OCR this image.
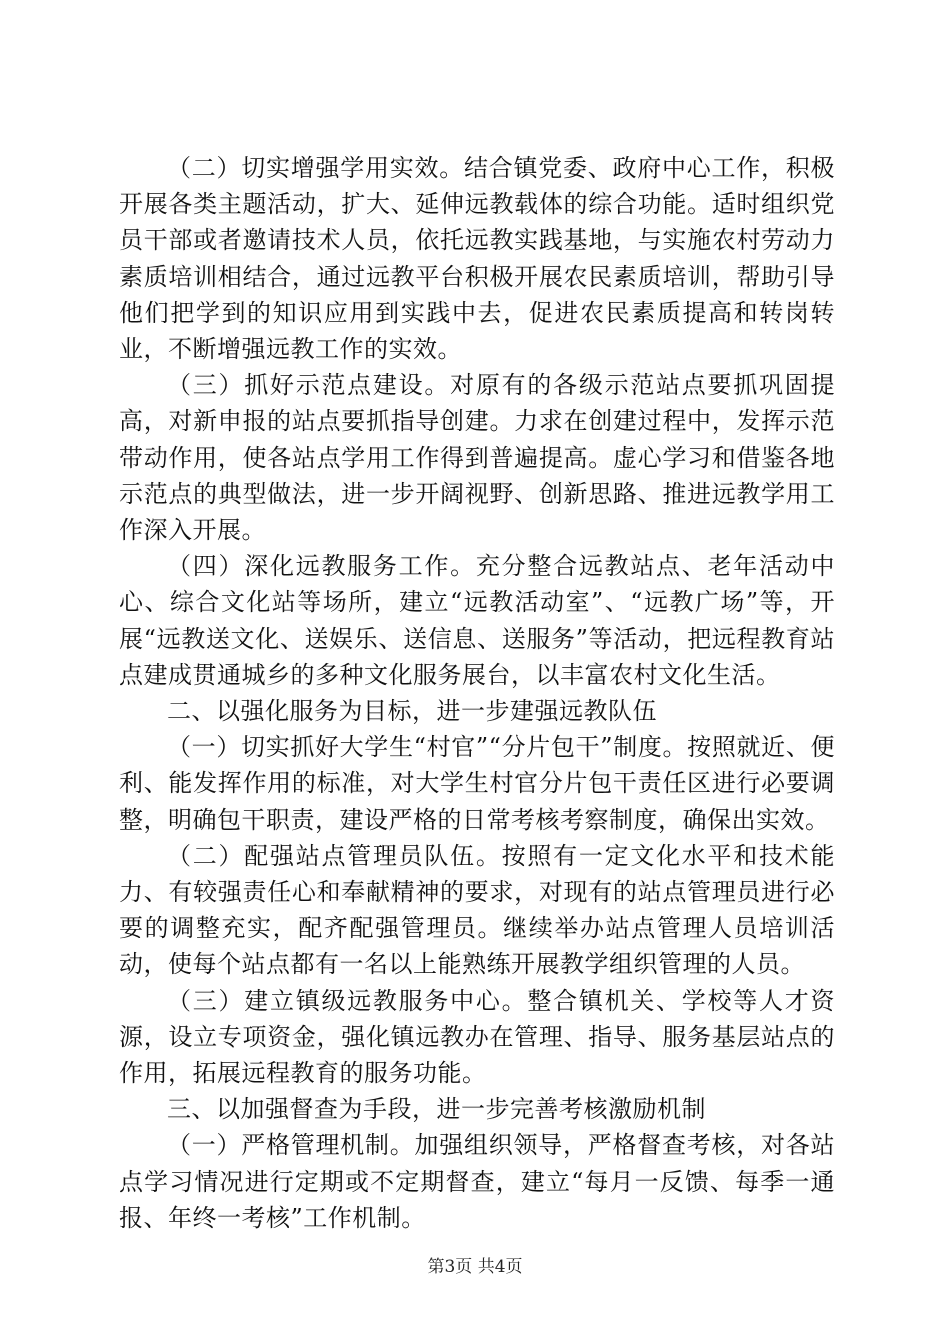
（二）切实增强学用实效。结合镇党委、政府中心工作，积极开展各类主题活动，扩大、延伸远教载体的综合功能。适时组织党员干部或者邀请技术人员，依托远教实践基地，与实施农村劳动力素质培训相结合，通过远教平台积极开展农民素质培训，帮助引导他们把学到的知识应用到实践中去，促进农民素质提高和转岗转业，不断增强远教工作的实效。

（三）抓好示范点建设。对原有的各级示范站点要抓巩固提高，对新申报的站点要抓指导创建。力求在创建过程中，发挥示范带动作用，使各站点学用工作得到普遍提高。虚心学习和借鉴各地示范点的典型做法，进一步开阔视野、创新思路、推进远教学用工作深入开展。

（四）深化远教服务工作。充分整合远教站点、老年活动中心、综合文化站等场所，建立“远教活动室”、“远教广场”等，开展“远教送文化、送娱乐、送信息、送服务”等活动，把远程教育站点建成贯通城乡的多种文化服务展台，以丰富农村文化生活。

二、以强化服务为目标，进一步建强远教队伍

（一）切实抓好大学生“村官”“分片包干”制度。按照就近、便利、能发挥作用的标准，对大学生村官分片包干责任区进行必要调整，明确包干职责，建设严格的日常考核考察制度，确保出实效。

（二）配强站点管理员队伍。按照有一定文化水平和技术能力、有较强责任心和奉献精神的要求，对现有的站点管理员进行必要的调整充实，配齐配强管理员。继续举办站点管理人员培训活动，使每个站点都有一名以上能熟练开展教学组织管理的人员。

（三）建立镇级远教服务中心。整合镇机关、学校等人才资源，设立专项资金，强化镇远教办在管理、指导、服务基层站点的作用，拓展远程教育的服务功能。

三、以加强督查为手段，进一步完善考核激励机制

（一）严格管理机制。加强组织领导，严格督查考核，对各站点学习情况进行定期或不定期督查，建立“每月一反馈、每季一通报、年终一考核”工作机制。

第3页 共4页
